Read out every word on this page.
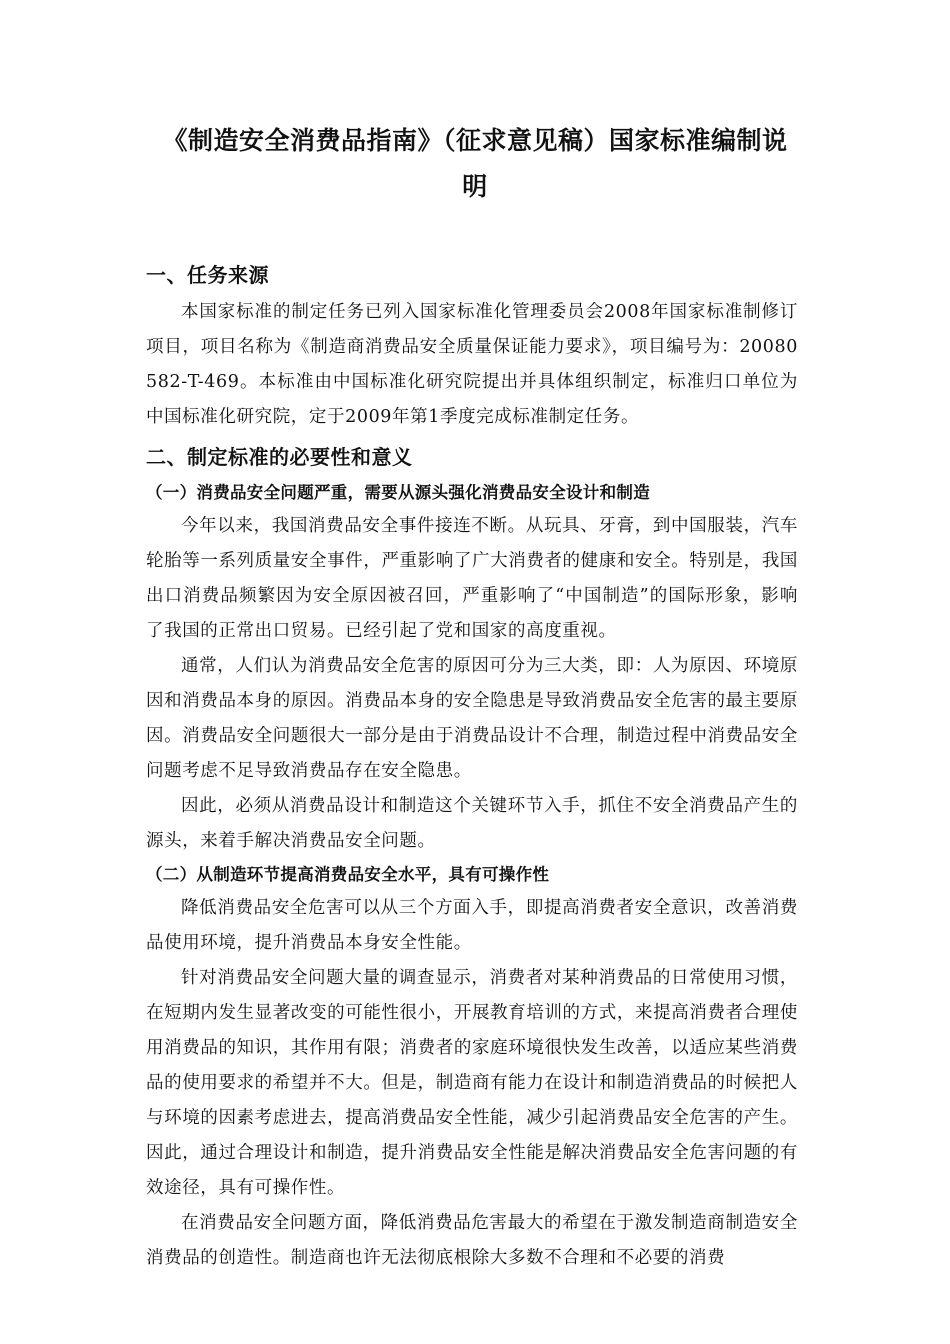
《制造安全消费品指南》（征求意见稿）国家标准编制说明
一、任务来源

本国家标准的制定任务已列入国家标准化管理委员会2008年国家标准制修订项目，项目名称为《制造商消费品安全质量保证能力要求》，项目编号为：20080582-T-469。本标准由中国标准化研究院提出并具体组织制定，标准归口单位为中国标准化研究院，定于2009年第1季度完成标准制定任务。

二、制定标准的必要性和意义
（一）消费品安全问题严重，需要从源头强化消费品安全设计和制造

今年以来，我国消费品安全事件接连不断。从玩具、牙膏，到中国服装，汽车轮胎等一系列质量安全事件，严重影响了广大消费者的健康和安全。特别是，我国出口消费品频繁因为安全原因被召回，严重影响了“中国制造”的国际形象，影响了我国的正常出口贸易。已经引起了党和国家的高度重视。

通常，人们认为消费品安全危害的原因可分为三大类，即：人为原因、环境原因和消费品本身的原因。消费品本身的安全隐患是导致消费品安全危害的最主要原因。消费品安全问题很大一部分是由于消费品设计不合理，制造过程中消费品安全问题考虑不足导致消费品存在安全隐患。

因此，必须从消费品设计和制造这个关键环节入手，抓住不安全消费品产生的源头，来着手解决消费品安全问题。

（二）从制造环节提高消费品安全水平，具有可操作性

降低消费品安全危害可以从三个方面入手，即提高消费者安全意识，改善消费品使用环境，提升消费品本身安全性能。

针对消费品安全问题大量的调查显示，消费者对某种消费品的日常使用习惯，在短期内发生显著改变的可能性很小，开展教育培训的方式，来提高消费者合理使用消费品的知识，其作用有限；消费者的家庭环境很快发生改善，以适应某些消费品的使用要求的希望并不大。但是，制造商有能力在设计和制造消费品的时候把人与环境的因素考虑进去，提高消费品安全性能，减少引起消费品安全危害的产生。因此，通过合理设计和制造，提升消费品安全性能是解决消费品安全危害问题的有效途径，具有可操作性。

在消费品安全问题方面，降低消费品危害最大的希望在于激发制造商制造安全消费品的创造性。制造商也许无法彻底根除大多数不合理和不必要的消费
